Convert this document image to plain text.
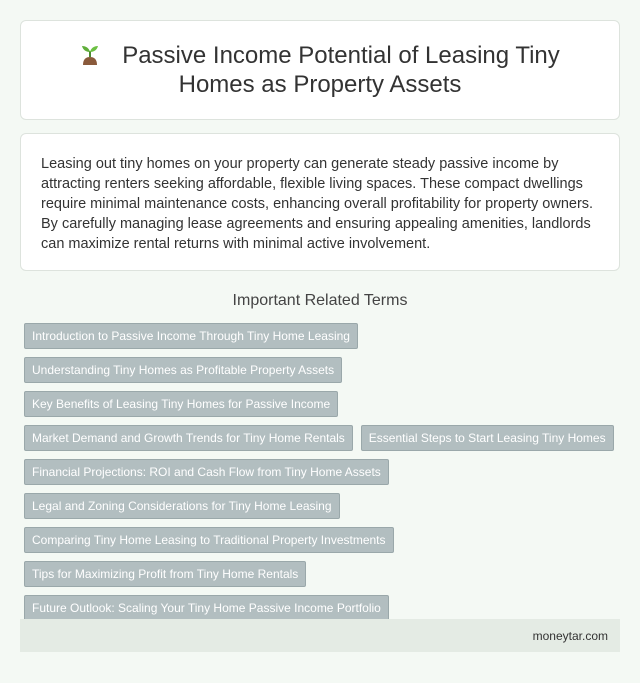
Passive Income Potential of Leasing Tiny Homes as Property Assets

Leasing out tiny homes on your property can generate steady passive income by attracting renters seeking affordable, flexible living spaces. These compact dwellings require minimal maintenance costs, enhancing overall profitability for property owners. By carefully managing lease agreements and ensuring appealing amenities, landlords can maximize rental returns with minimal active involvement.

Important Related Terms
Introduction to Passive Income Through Tiny Home Leasing
Understanding Tiny Homes as Profitable Property Assets
Key Benefits of Leasing Tiny Homes for Passive Income
Market Demand and Growth Trends for Tiny Home Rentals	Essential Steps to Start Leasing Tiny Homes
Financial Projections: ROI and Cash Flow from Tiny Home Assets
Legal and Zoning Considerations for Tiny Home Leasing
Comparing Tiny Home Leasing to Traditional Property Investments
Tips for Maximizing Profit from Tiny Home Rentals
Future Outlook: Scaling Your Tiny Home Passive Income Portfolio
moneytar.com
